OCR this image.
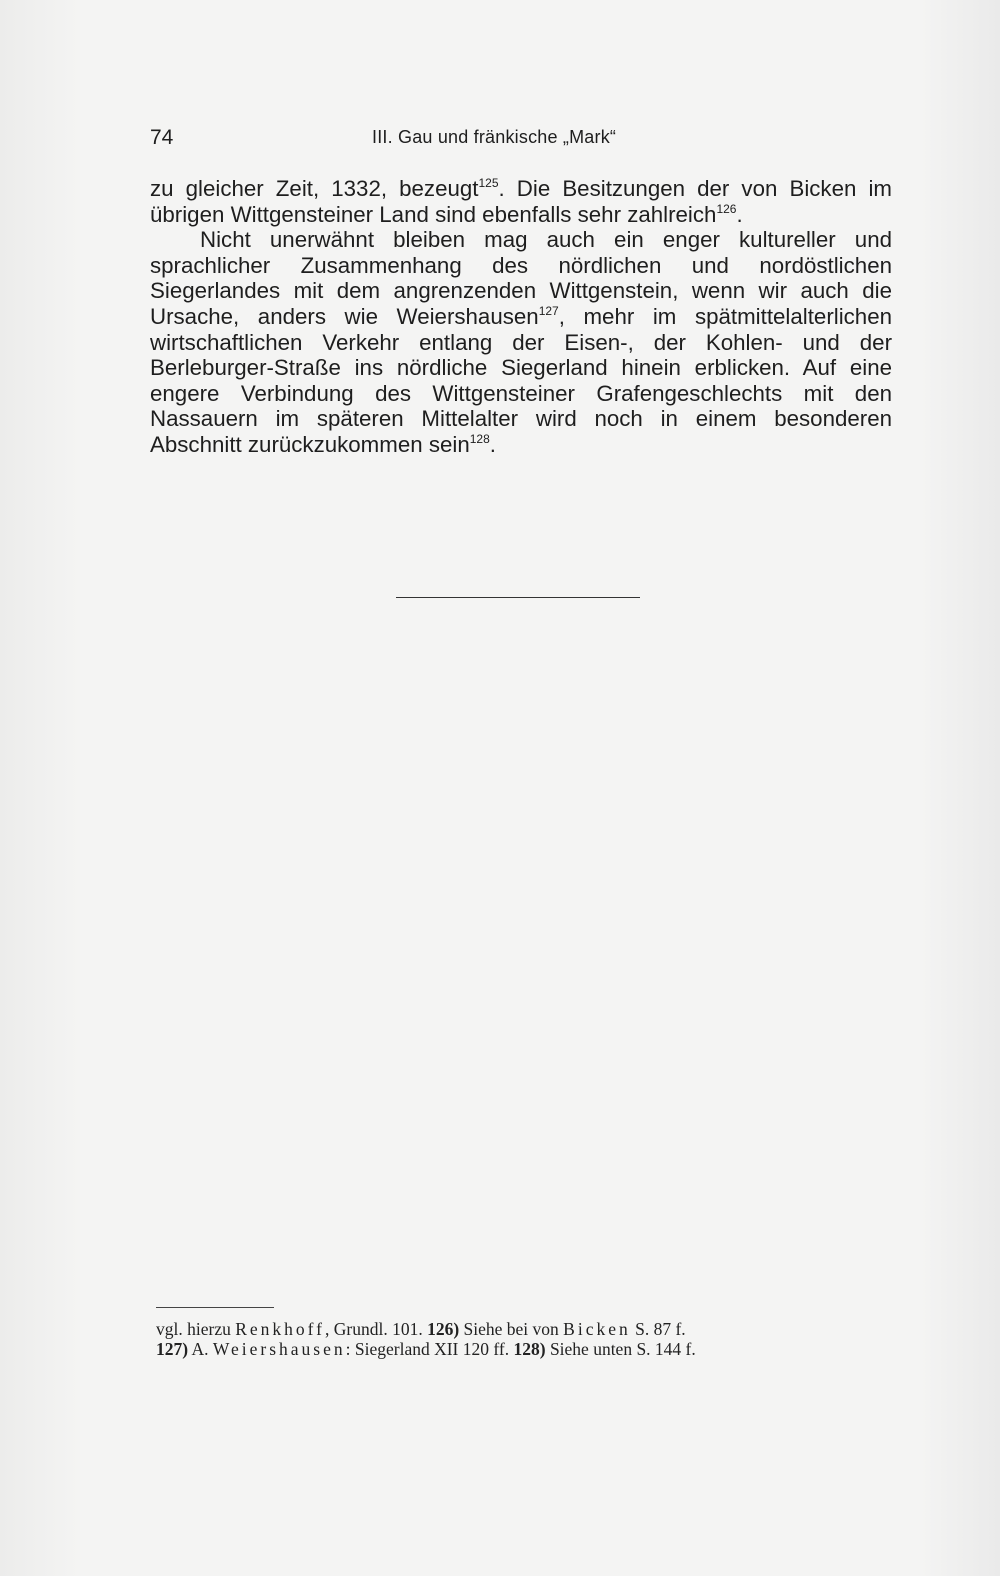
74	III. Gau und fränkische „Mark“

zu gleicher Zeit, 1332, bezeugt$^{125}$. Die Besitzungen der von Bicken im übrigen Wittgensteiner Land sind ebenfalls sehr zahlreich$^{126}$.

Nicht unerwähnt bleiben mag auch ein enger kultureller und sprachlicher Zusammenhang des nördlichen und nordöstlichen Siegerlandes mit dem angrenzenden Wittgenstein, wenn wir auch die Ursache, anders wie Weiershausen$^{127}$, mehr im spätmittelalterlichen wirtschaftlichen Verkehr entlang der Eisen-, der Kohlen- und der Berleburger-Straße ins nördliche Siegerland hinein erblicken. Auf eine engere Verbindung des Wittgensteiner Grafengeschlechts mit den Nassauern im späteren Mittelalter wird noch in einem besonderen Abschnitt zurückzukommen sein$^{128}$.

vgl. hierzu Renkhoff, Grundl. 101. 126) Siehe bei von Bicken S. 87 f.
127) A. Weiershausen: Siegerland XII 120 ff. 128) Siehe unten S. 144 f.
